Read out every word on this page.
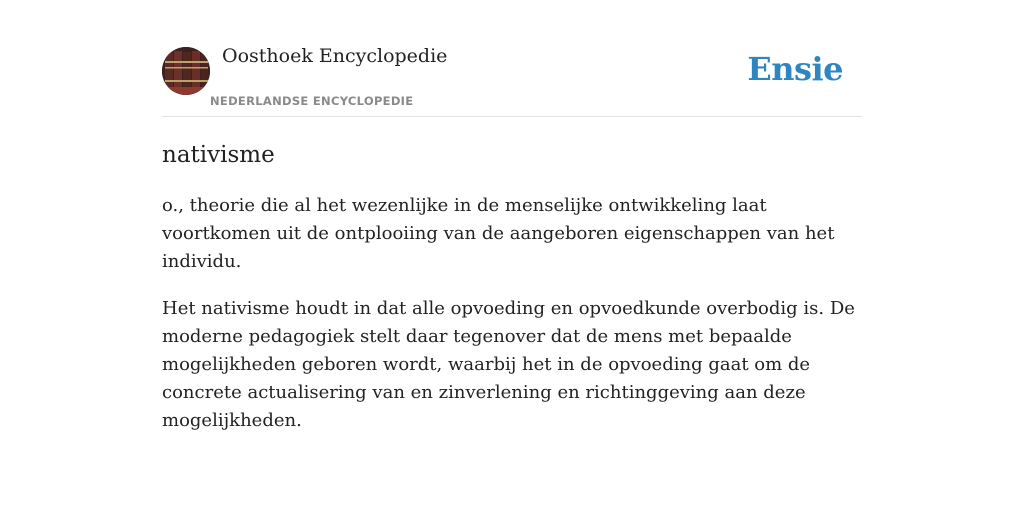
Oosthoek Encyclopedie
NEDERLANDSE ENCYCLOPEDIE
Ensie
nativisme

o., theorie die al het wezenlijke in de menselijke ontwikkeling laat voortkomen uit de ontplooiing van de aangeboren eigenschappen van het individu.

Het nativisme houdt in dat alle opvoeding en opvoedkunde overbodig is. De moderne pedagogiek stelt daar tegenover dat de mens met bepaalde mogelijkheden geboren wordt, waarbij het in de opvoeding gaat om de concrete actualisering van en zinverlening en richtinggeving aan deze mogelijkheden.
